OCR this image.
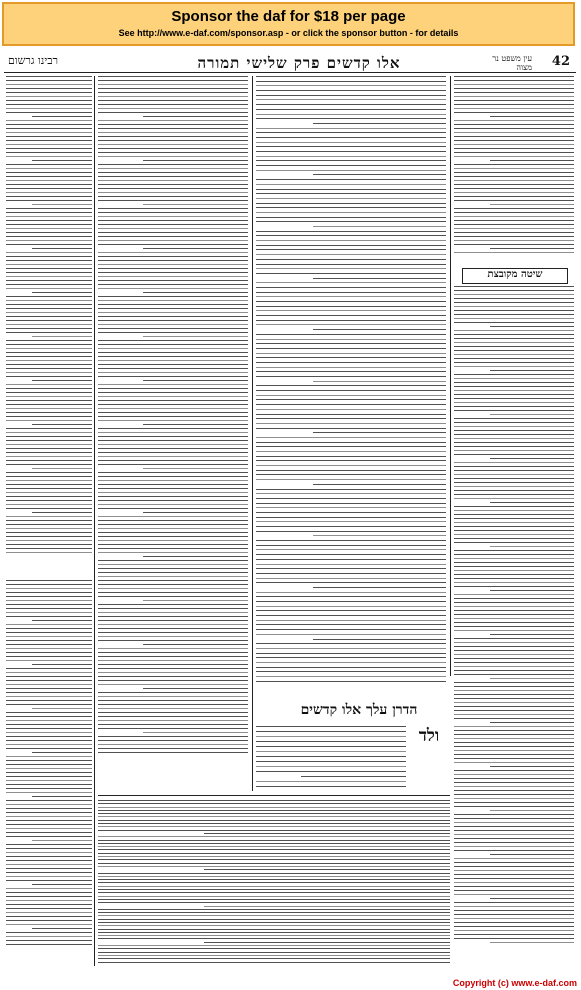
Sponsor the daf for $18 per page
See http://www.e-daf.com/sponsor.asp - or click the sponsor button - for details
רבינו גרשום	אלו קדשים פרק שלישי תמורה	עין משפט נר מצוה 42
שיטה מקובצת
הדרן עלך אלו קדשים
ולד
Copyright (c) www.e-daf.com
